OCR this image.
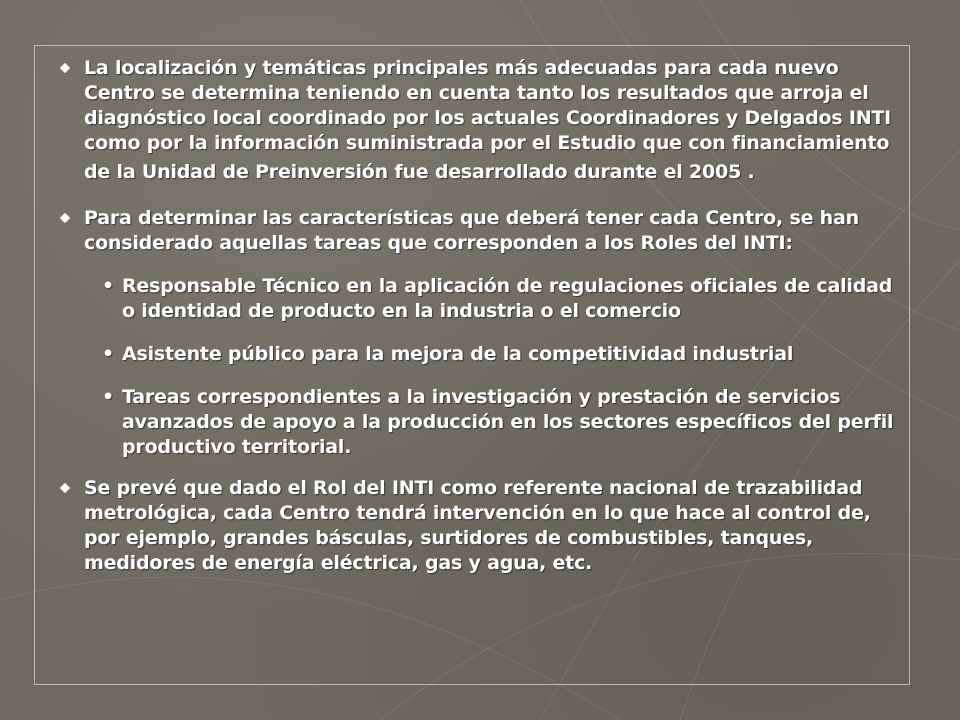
La localización y temáticas principales más adecuadas para cada nuevo Centro se determina teniendo en cuenta tanto los resultados que arroja el diagnóstico local coordinado por los actuales Coordinadores y Delgados INTI como por la información suministrada por el Estudio que con financiamiento de la Unidad de Preinversión fue desarrollado durante el 2005 .
Para determinar las características que deberá tener cada Centro, se han considerado aquellas tareas que corresponden a los Roles del INTI:
• Responsable Técnico en la aplicación de regulaciones oficiales de calidad o identidad de producto en la industria o el comercio
• Asistente público para la mejora de la competitividad industrial
• Tareas correspondientes a la investigación y prestación de servicios avanzados de apoyo a la producción en los sectores específicos del perfil productivo territorial.
Se prevé que dado el Rol del INTI como referente nacional de trazabilidad metrológica, cada Centro tendrá intervención en lo que hace al control de, por ejemplo, grandes básculas, surtidores de combustibles, tanques, medidores de energía eléctrica, gas y agua, etc.
